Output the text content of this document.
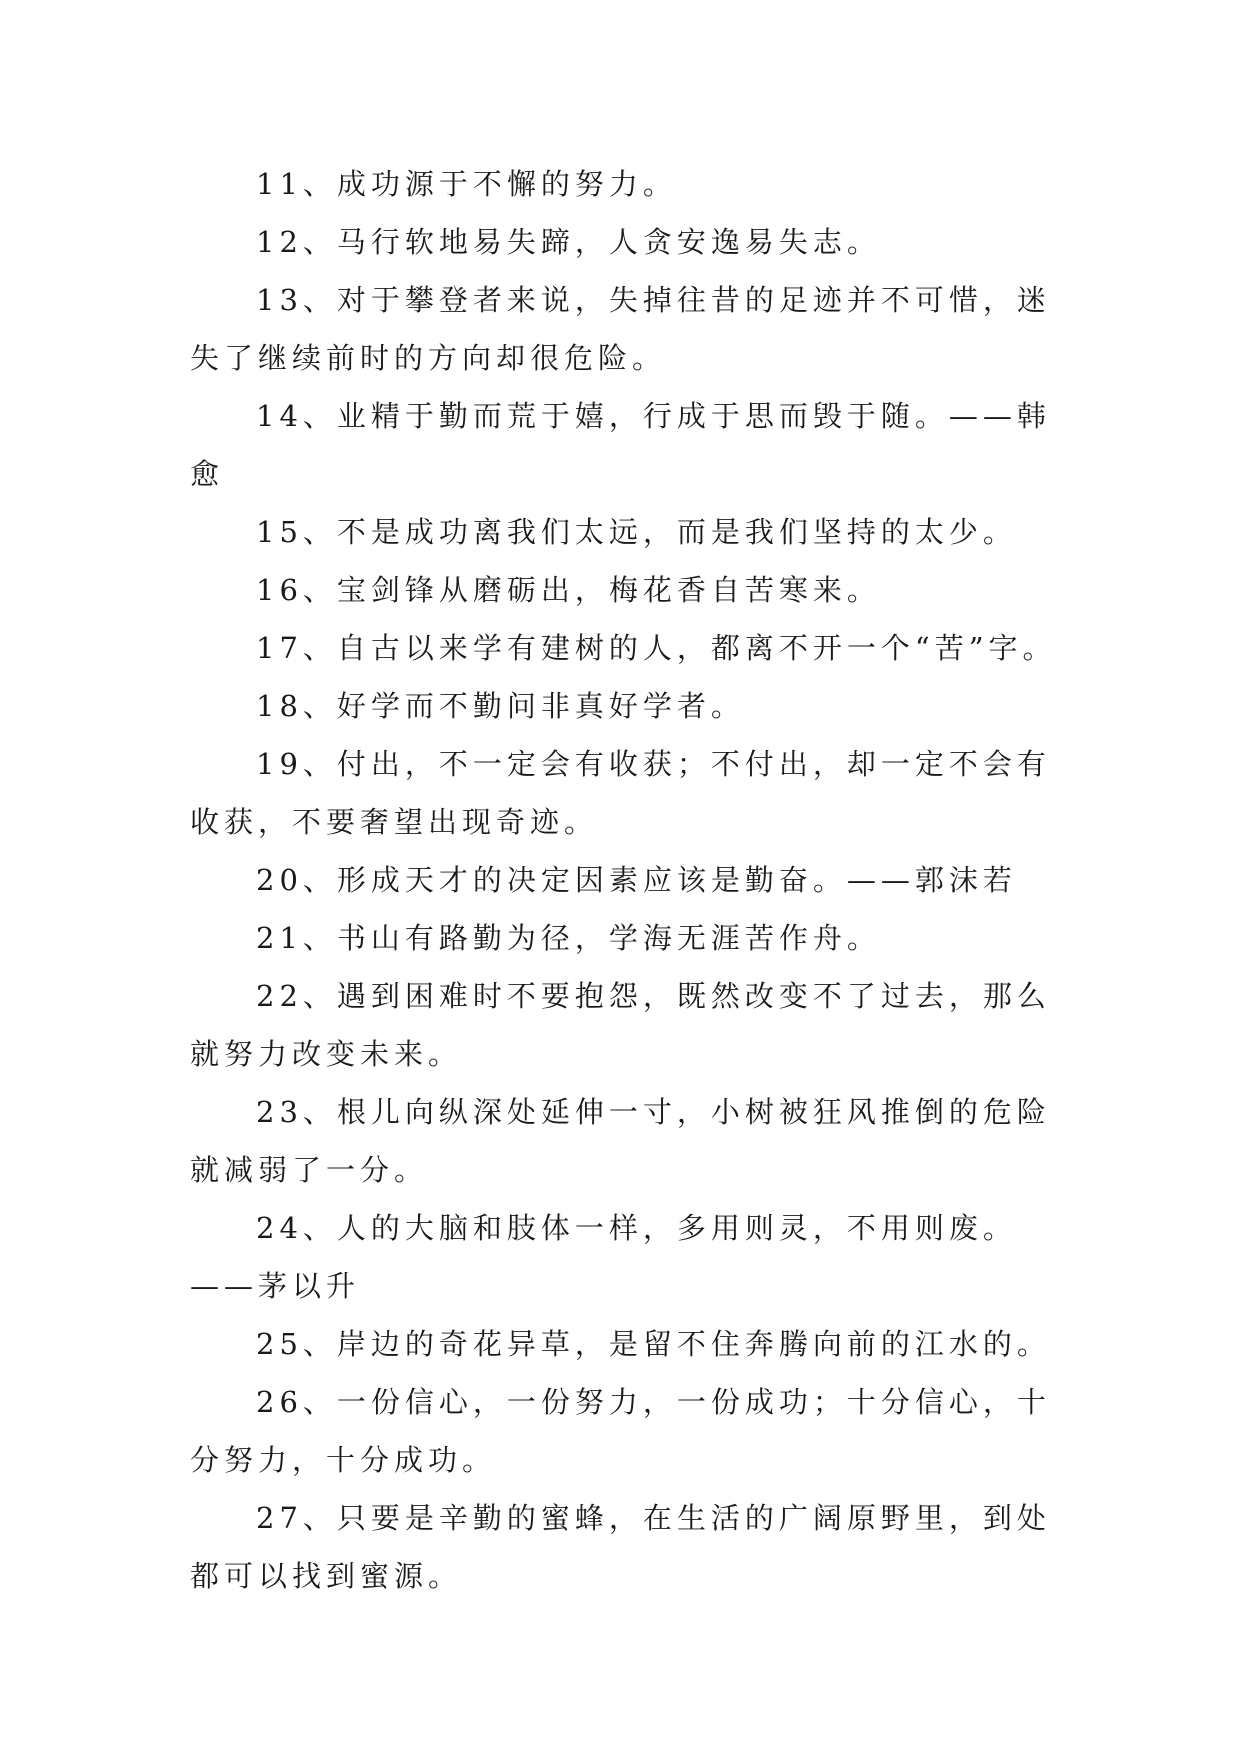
11、成功源于不懈的努力。

12、马行软地易失蹄，人贪安逸易失志。

13、对于攀登者来说，失掉往昔的足迹并不可惜，迷失了继续前时的方向却很危险。

14、业精于勤而荒于嬉，行成于思而毁于随。——韩愈

15、不是成功离我们太远，而是我们坚持的太少。

16、宝剑锋从磨砺出，梅花香自苦寒来。

17、自古以来学有建树的人，都离不开一个“苦”字。

18、好学而不勤问非真好学者。

19、付出，不一定会有收获；不付出，却一定不会有收获，不要奢望出现奇迹。

20、形成天才的决定因素应该是勤奋。——郭沫若

21、书山有路勤为径，学海无涯苦作舟。

22、遇到困难时不要抱怨，既然改变不了过去，那么就努力改变未来。

23、根儿向纵深处延伸一寸，小树被狂风推倒的危险就减弱了一分。

24、人的大脑和肢体一样，多用则灵，不用则废。——茅以升

25、岸边的奇花异草，是留不住奔腾向前的江水的。

26、一份信心，一份努力，一份成功；十分信心，十分努力，十分成功。

27、只要是辛勤的蜜蜂，在生活的广阔原野里，到处都可以找到蜜源。
